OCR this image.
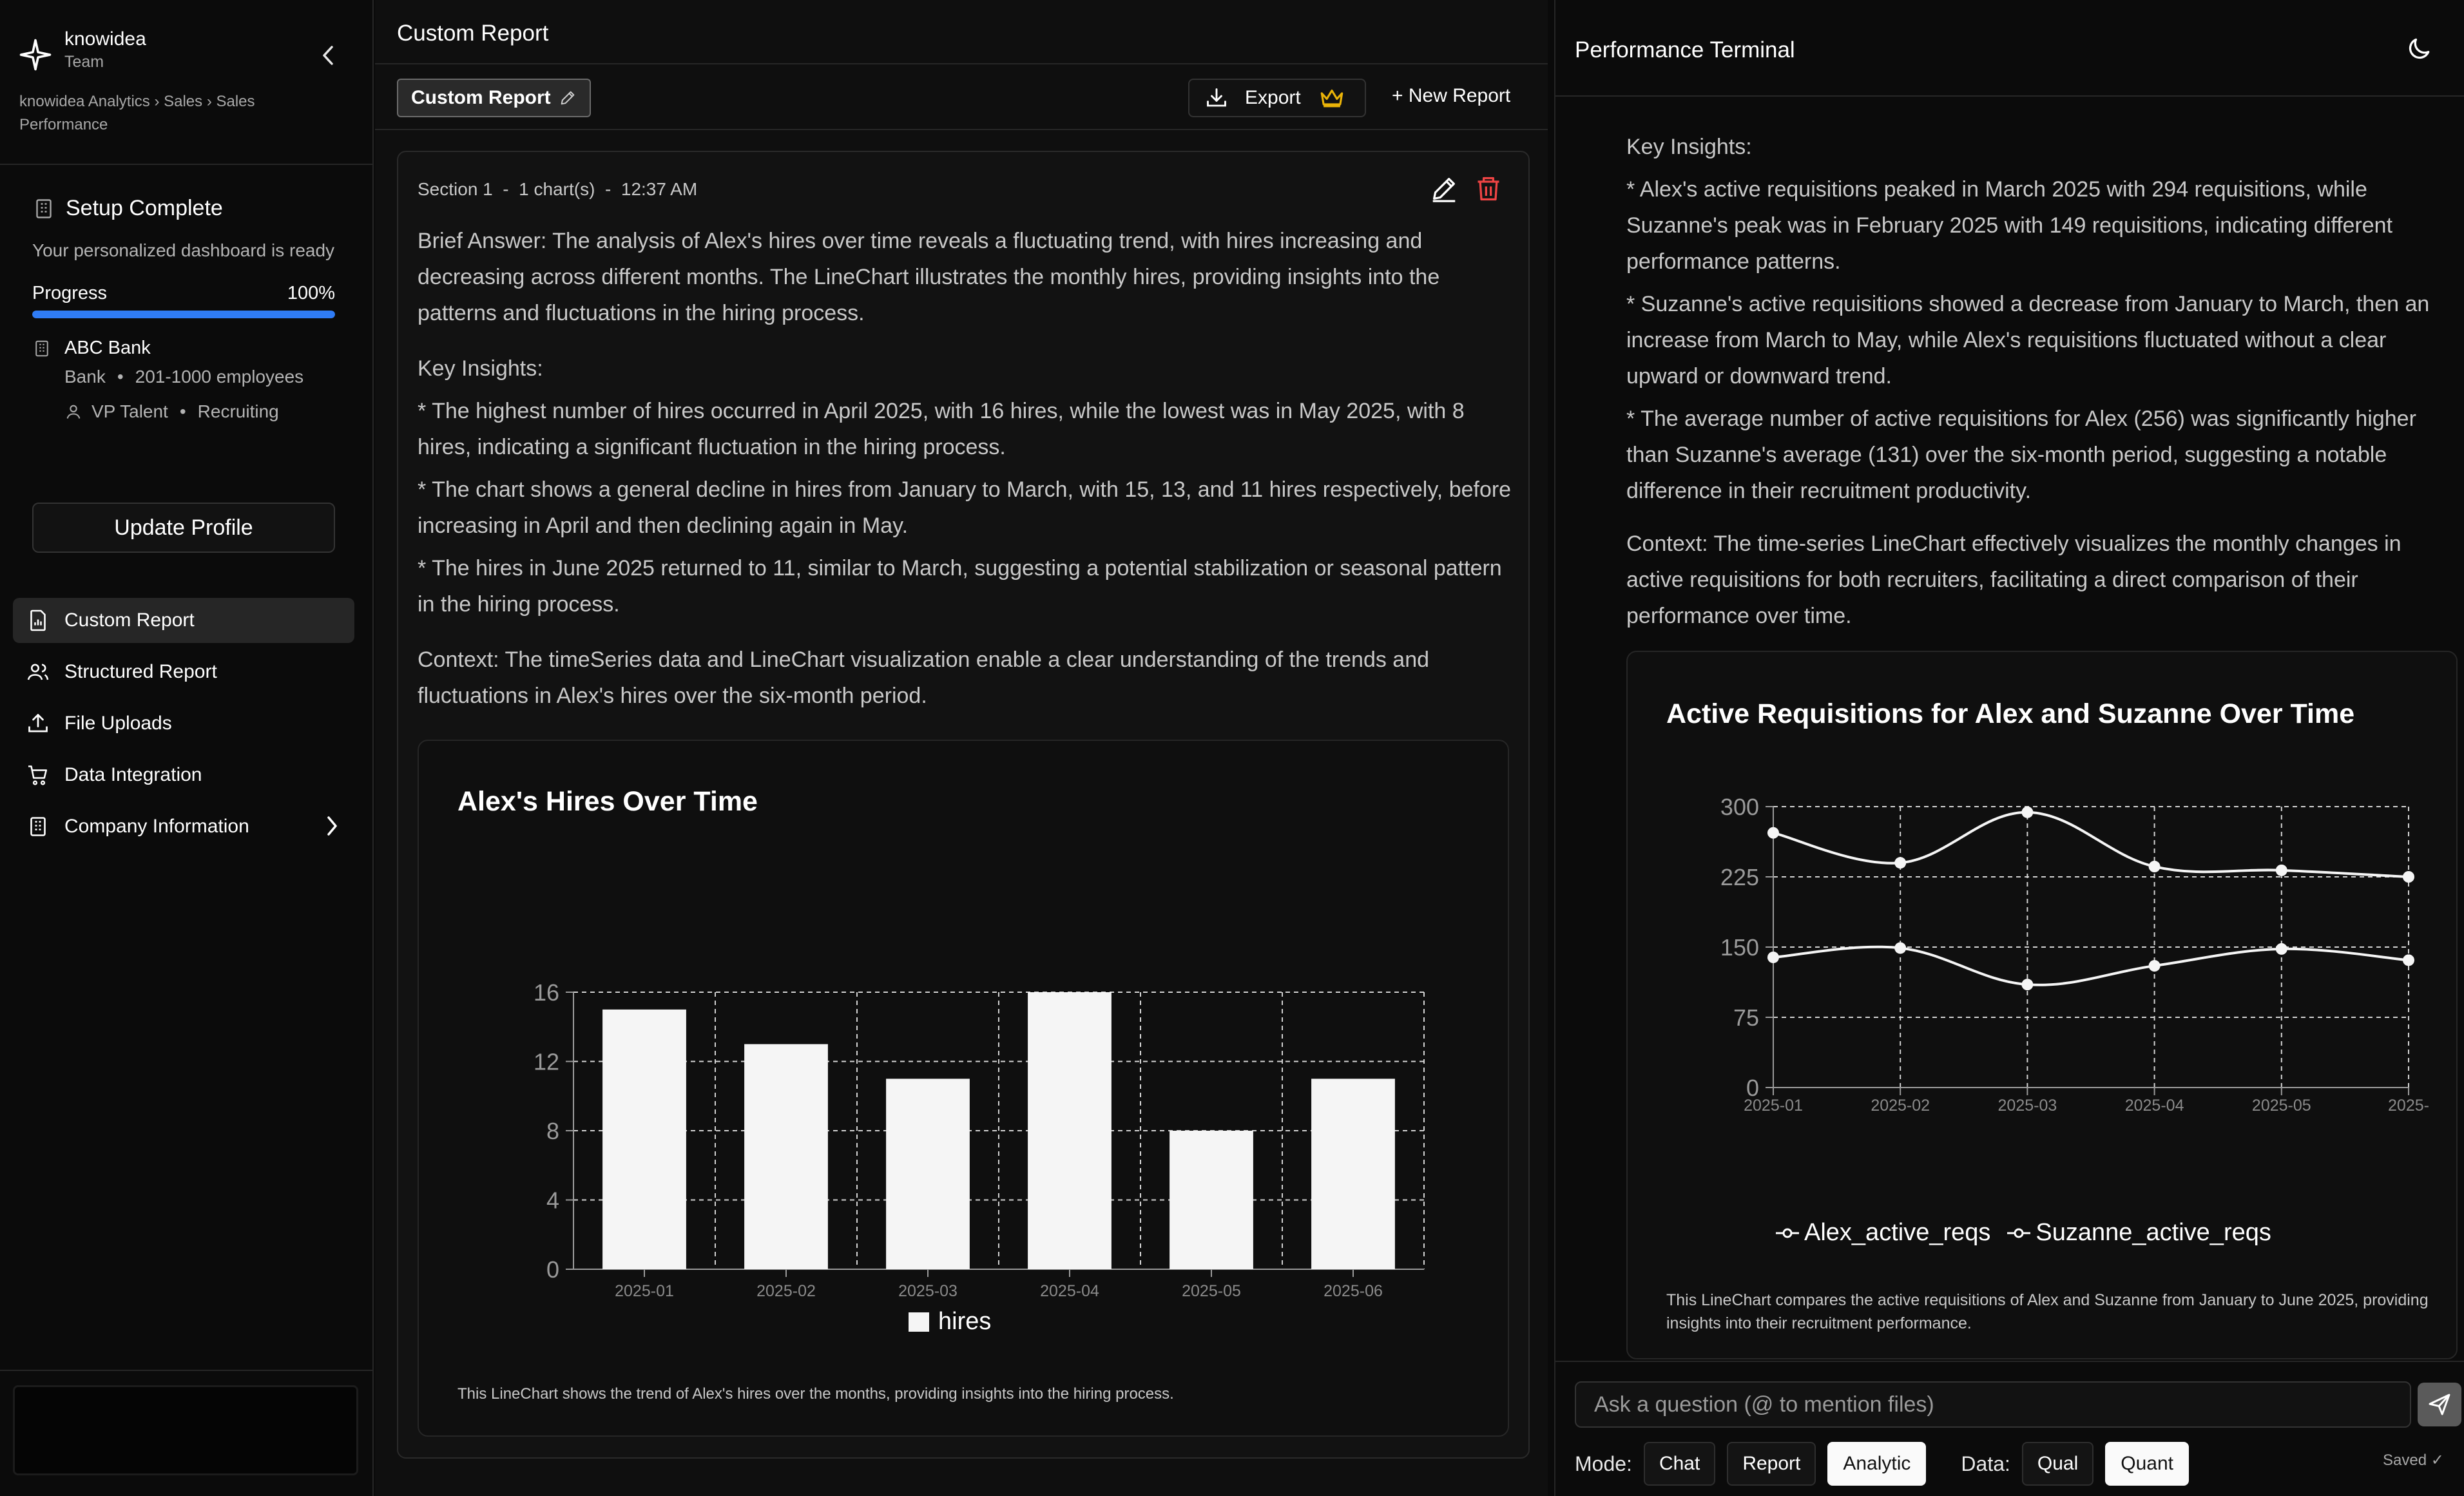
knowidea
Team
knowidea Analytics › Sales › Sales Performance
Setup Complete
Your personalized dashboard is ready
Progress	100%
ABC Bank
Bank • 201-1000 employees
VP Talent • Recruiting
Update Profile
Custom Report
Structured Report
File Uploads
Data Integration
Company Information
Custom Report
Custom Report	Export	+ New Report
Section 1  -  1 chart(s)  -  12:37 AM

Brief Answer: The analysis of Alex's hires over time reveals a fluctuating trend, with hires increasing and decreasing across different months. The LineChart illustrates the monthly hires, providing insights into the patterns and fluctuations in the hiring process.

Key Insights:

* The highest number of hires occurred in April 2025, with 16 hires, while the lowest was in May 2025, with 8 hires, indicating a significant fluctuation in the hiring process.

* The chart shows a general decline in hires from January to March, with 15, 13, and 11 hires respectively, before increasing in April and then declining again in May.

* The hires in June 2025 returned to 11, similar to March, suggesting a potential stabilization or seasonal pattern in the hiring process.

Context: The timeSeries data and LineChart visualization enable a clear understanding of the trends and fluctuations in Alex's hires over the six-month period.

Alex's Hires Over Time
0
4
8
12
16
2025-01	2025-02	2025-03	2025-04	2025-05	2025-06
hires
This LineChart shows the trend of Alex's hires over the months, providing insights into the hiring process.
Performance Terminal

Key Insights:

* Alex's active requisitions peaked in March 2025 with 294 requisitions, while Suzanne's peak was in February 2025 with 149 requisitions, indicating different performance patterns.

* Suzanne's active requisitions showed a decrease from January to March, then an increase from March to May, while Alex's requisitions fluctuated without a clear upward or downward trend.

* The average number of active requisitions for Alex (256) was significantly higher than Suzanne's average (131) over the six-month period, suggesting a notable difference in their recruitment productivity.

Context: The time-series LineChart effectively visualizes the monthly changes in active requisitions for both recruiters, facilitating a direct comparison of their performance over time.

Active Requisitions for Alex and Suzanne Over Time
0
75
150
225
300
2025-01	2025-02	2025-03	2025-04	2025-05	2025-
Alex_active_reqs Suzanne_active_reqs
This LineChart compares the active requisitions of Alex and Suzanne from January to June 2025, providing insights into their recruitment performance.
Ask a question (@ to mention files)
Mode:	Chat	Report	Analytic	Data:	Qual	Quant	Saved ✓
